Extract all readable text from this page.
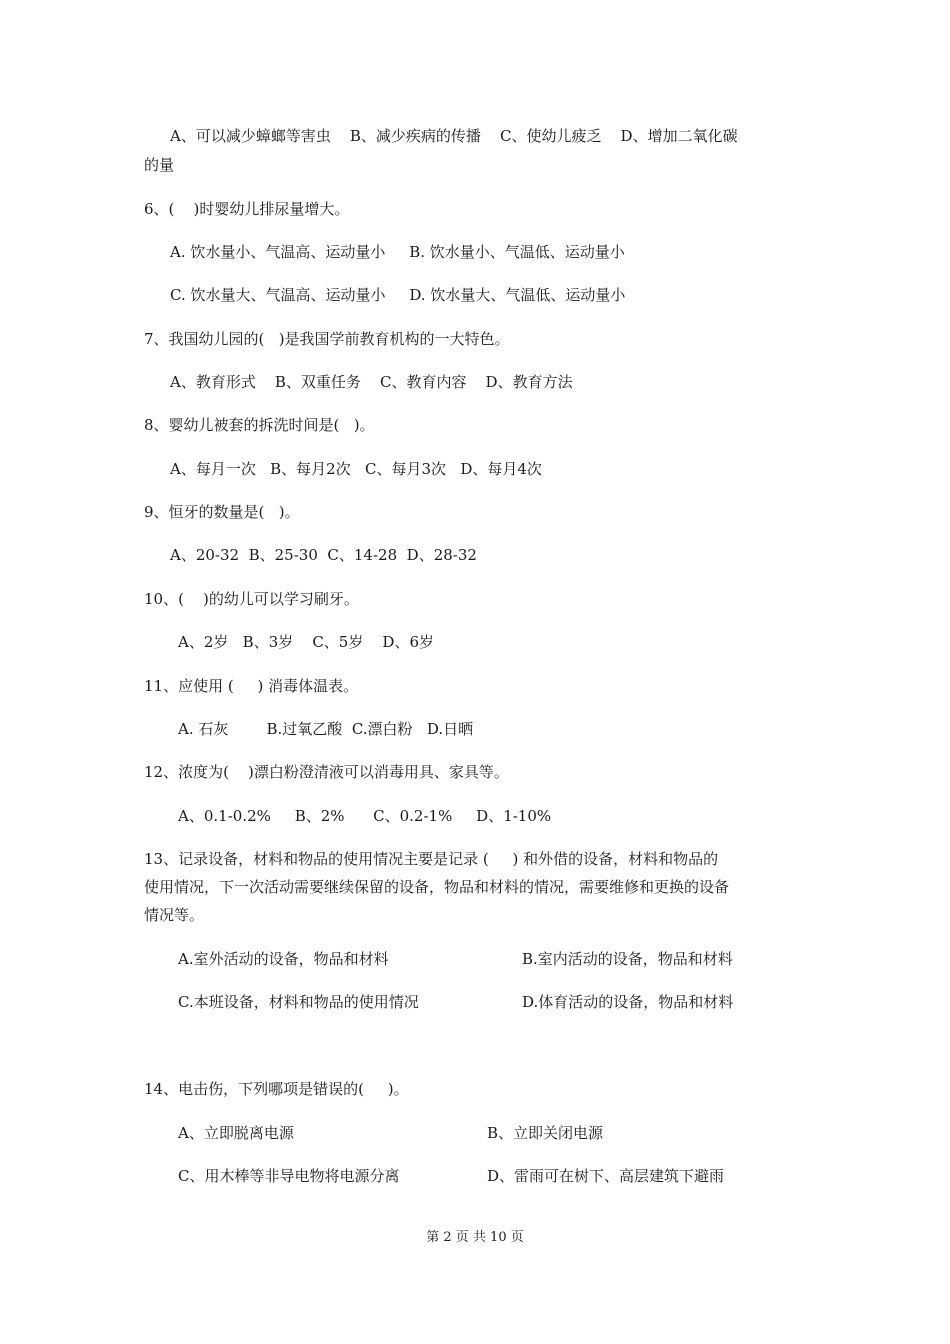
A、可以减少蟑螂等害虫    B、减少疾病的传播    C、使幼儿疲乏    D、增加二氧化碳
的量
6、(    )时婴幼儿排尿量增大。
A. 饮水量小、气温高、运动量小     B. 饮水量小、气温低、运动量小
C. 饮水量大、气温高、运动量小     D. 饮水量大、气温低、运动量小
7、我国幼儿园的(   )是我国学前教育机构的一大特色。
A、教育形式    B、双重任务    C、教育内容    D、教育方法
8、婴幼儿被套的拆洗时间是(   )。
A、每月一次   B、每月2次   C、每月3次   D、每月4次
9、恒牙的数量是(   )。
A、20-32  B、25-30  C、14-28  D、28-32
10、(    )的幼儿可以学习刷牙。
A、2岁   B、3岁    C、5岁    D、6岁
11、应使用 (     ) 消毒体温表。
A. 石灰        B.过氧乙酸  C.漂白粉   D.日晒
12、浓度为(    )漂白粉澄清液可以消毒用具、家具等。
A、0.1-0.2%     B、2%      C、0.2-1%     D、1-10%
13、记录设备，材料和物品的使用情况主要是记录 (     ) 和外借的设备，材料和物品的
使用情况，下一次活动需要继续保留的设备，物品和材料的情况，需要维修和更换的设备
情况等。
A.室外活动的设备，物品和材料	B.室内活动的设备，物品和材料
C.本班设备，材料和物品的使用情况	D.体育活动的设备，物品和材料
14、电击伤，下列哪项是错误的(     )。
A、立即脱离电源	B、立即关闭电源
C、用木棒等非导电物将电源分离	D、雷雨可在树下、高层建筑下避雨
第 2 页 共 10 页
